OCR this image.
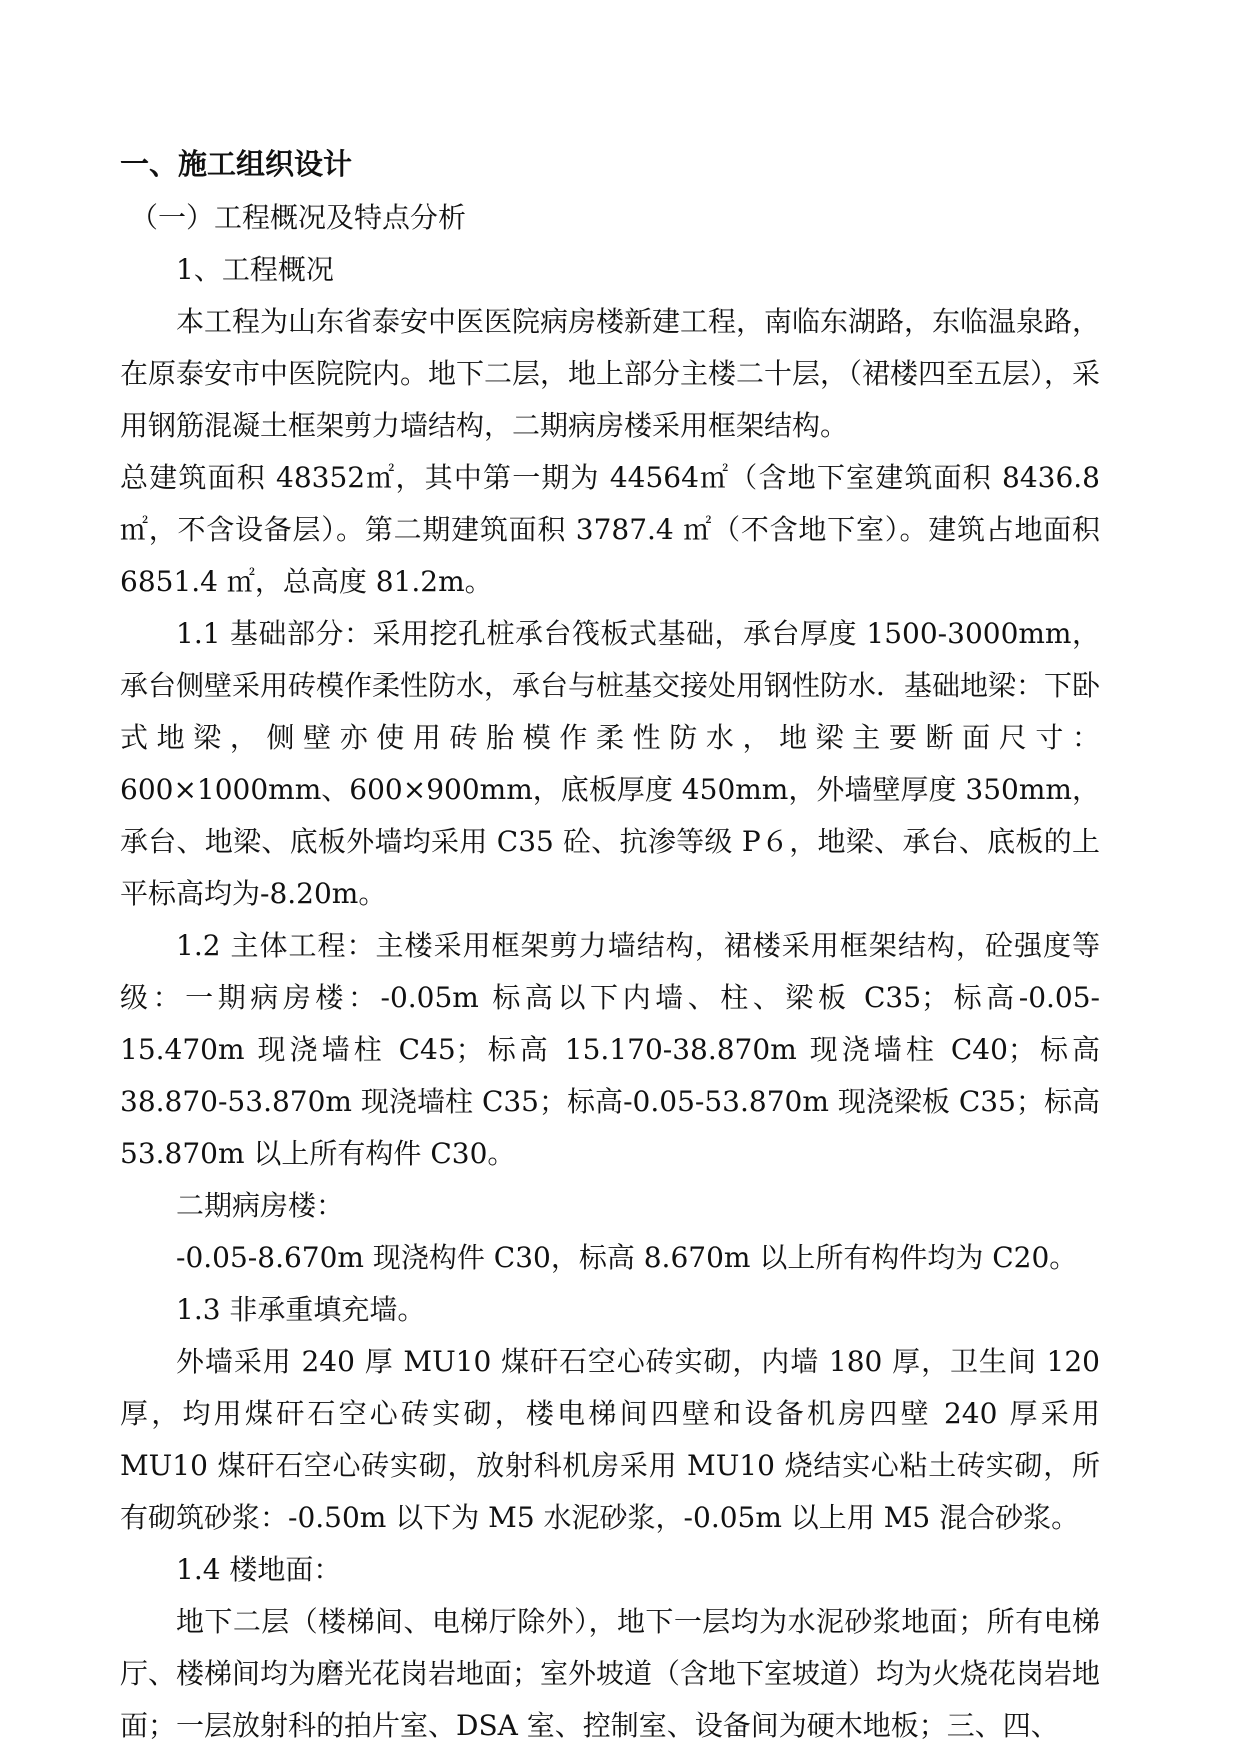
一、施工组织设计
（一）工程概况及特点分析

1、工程概况

本工程为山东省泰安中医医院病房楼新建工程，南临东湖路，东临温泉路，在原泰安市中医院院内。地下二层，地上部分主楼二十层，（裙楼四至五层），采用钢筋混凝土框架剪力墙结构，二期病房楼采用框架结构。

总建筑面积 48352㎡，其中第一期为 44564㎡（含地下室建筑面积 8436.8㎡，不含设备层）。第二期建筑面积 3787.4 ㎡（不含地下室）。建筑占地面积 6851.4 ㎡，总高度 81.2m。

1.1 基础部分：采用挖孔桩承台筏板式基础，承台厚度 1500-3000mm，承台侧壁采用砖模作柔性防水，承台与桩基交接处用钢性防水．基础地梁：下卧式地梁，侧壁亦使用砖胎模作柔性防水，地梁主要断面尺寸：600×1000mm、600×900mm，底板厚度 450mm，外墙壁厚度 350mm，承台、地梁、底板外墙均采用 C35 砼、抗渗等级 P６，地梁、承台、底板的上平标高均为-8.20m。

1.2 主体工程：主楼采用框架剪力墙结构，裙楼采用框架结构，砼强度等级：一期病房楼：-0.05m 标高以下内墙、柱、梁板 C35；标高-0.05-15.470m 现浇墙柱 C45；标高 15.170-38.870m 现浇墙柱 C40；标高 38.870-53.870m 现浇墙柱 C35；标高-0.05-53.870m 现浇梁板 C35；标高 53.870m 以上所有构件 C30。

二期病房楼：

-0.05-8.670m 现浇构件 C30，标高 8.670m 以上所有构件均为 C20。

1.3 非承重填充墙。

外墙采用 240 厚 MU10 煤矸石空心砖实砌，内墙 180 厚，卫生间 120 厚，均用煤矸石空心砖实砌，楼电梯间四壁和设备机房四壁 240 厚采用 MU10 煤矸石空心砖实砌，放射科机房采用 MU10 烧结实心粘土砖实砌，所有砌筑砂浆：-0.50m 以下为 M5 水泥砂浆，-0.05m 以上用 M5 混合砂浆。

1.4 楼地面：

地下二层（楼梯间、电梯厅除外），地下一层均为水泥砂浆地面；所有电梯厅、楼梯间均为磨光花岗岩地面；室外坡道（含地下室坡道）均为火烧花岗岩地面；一层放射科的拍片室、DSA 室、控制室、设备间为硬木地板；三、四、
